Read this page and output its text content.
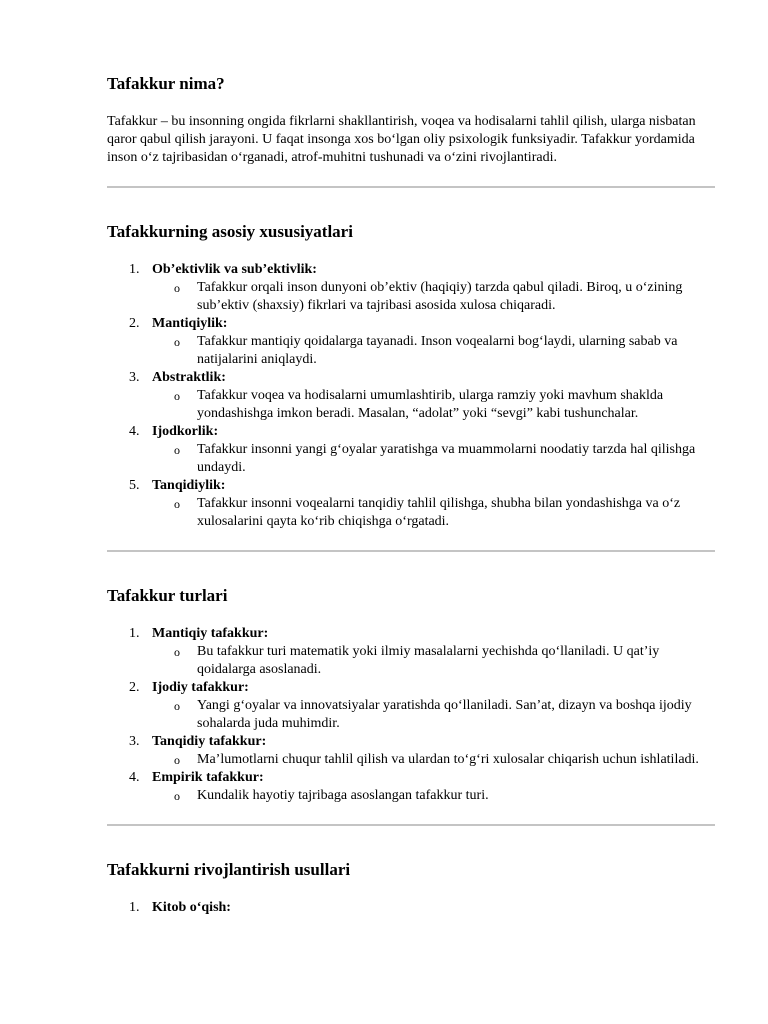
Tafakkur nima?

Tafakkur – bu insonning ongida fikrlarni shakllantirish, voqea va hodisalarni tahlil qilish, ularga nisbatan qaror qabul qilish jarayoni. U faqat insonga xos bo‘lgan oliy psixologik funksiyadir. Tafakkur yordamida inson o‘z tajribasidan o‘rganadi, atrof-muhitni tushunadi va o‘zini rivojlantiradi.

Tafakkurning asosiy xususiyatlari
1. Ob’ektivlik va sub’ektivlik:
o Tafakkur orqali inson dunyoni ob’ektiv (haqiqiy) tarzda qabul qiladi. Biroq, u o‘zining sub’ektiv (shaxsiy) fikrlari va tajribasi asosida xulosa chiqaradi.
2. Mantiqiylik:
o Tafakkur mantiqiy qoidalarga tayanadi. Inson voqealarni bog‘laydi, ularning sabab va natijalarini aniqlaydi.
3. Abstraktlik:
o Tafakkur voqea va hodisalarni umumlashtirib, ularga ramziy yoki mavhum shaklda yondashishga imkon beradi. Masalan, “adolat” yoki “sevgi” kabi tushunchalar.
4. Ijodkorlik:
o Tafakkur insonni yangi g‘oyalar yaratishga va muammolarni noodatiy tarzda hal qilishga undaydi.
5. Tanqidiylik:
o Tafakkur insonni voqealarni tanqidiy tahlil qilishga, shubha bilan yondashishga va o‘z xulosalarini qayta ko‘rib chiqishga o‘rgatadi.
Tafakkur turlari
1. Mantiqiy tafakkur:
o Bu tafakkur turi matematik yoki ilmiy masalalarni yechishda qo‘llaniladi. U qat’iy qoidalarga asoslanadi.
2. Ijodiy tafakkur:
o Yangi g‘oyalar va innovatsiyalar yaratishda qo‘llaniladi. San’at, dizayn va boshqa ijodiy sohalarda juda muhimdir.
3. Tanqidiy tafakkur:
o Ma’lumotlarni chuqur tahlil qilish va ulardan to‘g‘ri xulosalar chiqarish uchun ishlatiladi.
4. Empirik tafakkur:
o Kundalik hayotiy tajribaga asoslangan tafakkur turi.
Tafakkurni rivojlantirish usullari
1. Kitob o‘qish:
